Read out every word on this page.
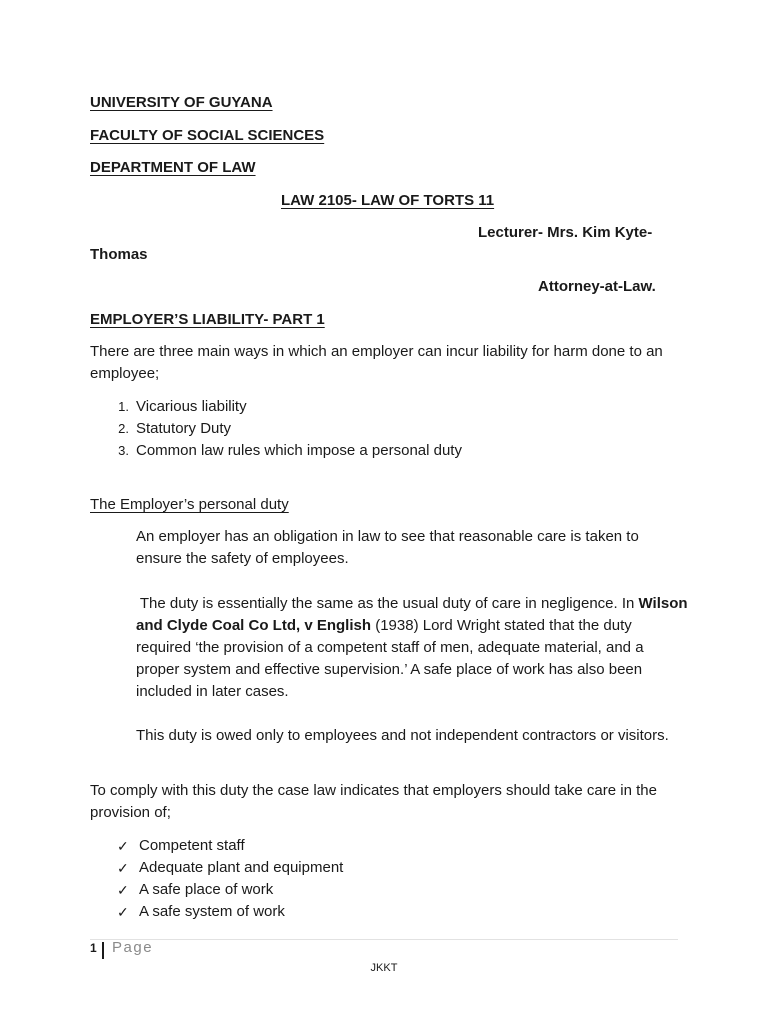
UNIVERSITY OF GUYANA
FACULTY OF SOCIAL SCIENCES
DEPARTMENT OF LAW
LAW 2105- LAW OF TORTS 11
Lecturer- Mrs. Kim Kyte-
Thomas
Attorney-at-Law.
EMPLOYER’S LIABILITY- PART 1
There are three main ways in which an employer can incur liability for harm done to an employee;
1. Vicarious liability
2. Statutory Duty
3. Common law rules which impose a personal duty
The Employer’s personal duty
An employer has an obligation in law to see that reasonable care is taken to ensure the safety of employees.
The duty is essentially the same as the usual duty of care in negligence. In Wilson and Clyde Coal Co Ltd, v English (1938) Lord Wright stated that the duty required ‘the provision of a competent staff of men, adequate material, and a proper system and effective supervision.’ A safe place of work has also been included in later cases.
This duty is owed only to employees and not independent contractors or visitors.
To comply with this duty the case law indicates that employers should take care in the provision of;
✓ Competent staff
✓ Adequate plant and equipment
✓ A safe place of work
✓ A safe system of work
1 Page
JKKT
